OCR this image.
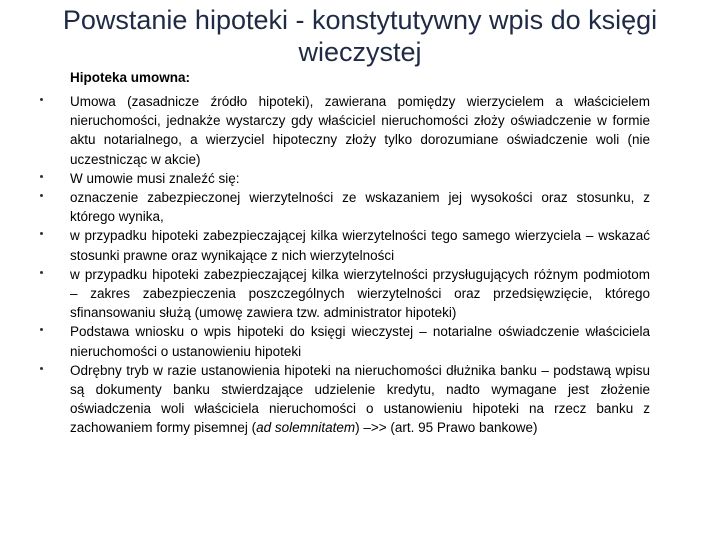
Powstanie hipoteki - konstytutywny wpis do księgi wieczystej

Hipoteka umowna:

Umowa (zasadnicze źródło hipoteki), zawierana pomiędzy wierzycielem a właścicielem nieruchomości, jednakże wystarczy gdy właściciel nieruchomości złoży oświadczenie w formie aktu notarialnego, a wierzyciel hipoteczny złoży tylko dorozumiane oświadczenie woli (nie uczestnicząc w akcie)
W umowie musi znaleźć się:
oznaczenie zabezpieczonej wierzytelności ze wskazaniem jej wysokości oraz stosunku, z którego wynika,
w przypadku hipoteki zabezpieczającej kilka wierzytelności tego samego wierzyciela – wskazać stosunki prawne oraz wynikające z nich wierzytelności
w przypadku hipoteki zabezpieczającej kilka wierzytelności przysługujących różnym podmiotom – zakres zabezpieczenia poszczególnych wierzytelności oraz przedsięwzięcie, którego sfinansowaniu służą (umowę zawiera tzw. administrator hipoteki)
Podstawa wniosku o wpis hipoteki do księgi wieczystej – notarialne oświadczenie właściciela nieruchomości o ustanowieniu hipoteki
Odrębny tryb w razie ustanowienia hipoteki na nieruchomości dłużnika banku – podstawą wpisu są dokumenty banku stwierdzające udzielenie kredytu, nadto wymagane jest złożenie oświadczenia woli właściciela nieruchomości o ustanowieniu hipoteki na rzecz banku z zachowaniem formy pisemnej (ad solemnitatem) –>> (art. 95 Prawo bankowe)
